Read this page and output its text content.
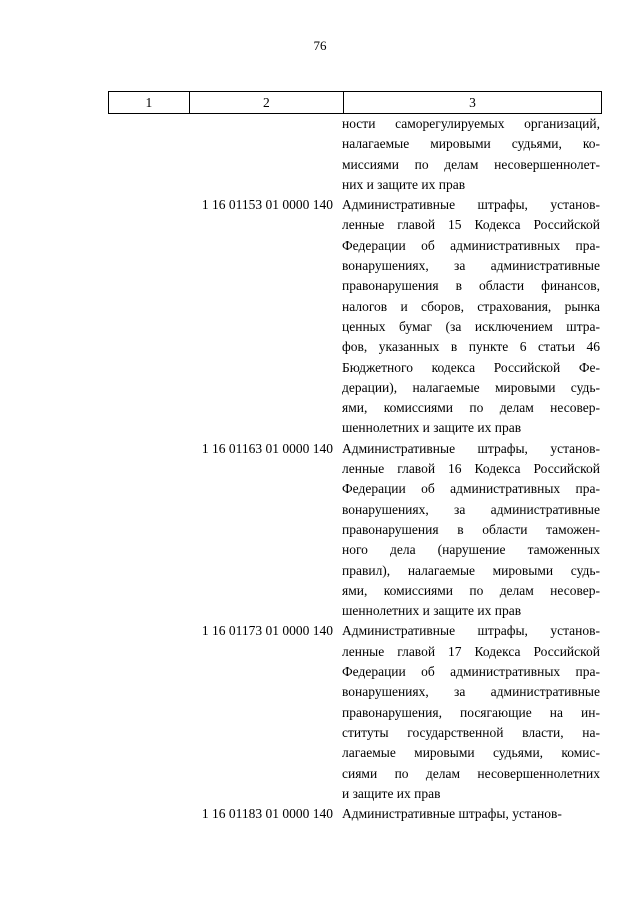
76
1	2	3
ности саморегулируемых организаций,
налагаемые мировыми судьями, ко-
миссиями по делам несовершеннолет-
них и защите их прав
1 16 01153 01 0000 140 Административные штрафы, установ-
ленные главой 15 Кодекса Российской
Федерации об административных пра-
вонарушениях, за административные
правонарушения в области финансов,
налогов и сборов, страхования, рынка
ценных бумаг (за исключением штра-
фов, указанных в пункте 6 статьи 46
Бюджетного кодекса Российской Фе-
дерации), налагаемые мировыми судь-
ями, комиссиями по делам несовер-
шеннолетних и защите их прав
1 16 01163 01 0000 140 Административные штрафы, установ-
ленные главой 16 Кодекса Российской
Федерации об административных пра-
вонарушениях, за административные
правонарушения в области таможен-
ного дела (нарушение таможенных
правил), налагаемые мировыми судь-
ями, комиссиями по делам несовер-
шеннолетних и защите их прав
1 16 01173 01 0000 140 Административные штрафы, установ-
ленные главой 17 Кодекса Российской
Федерации об административных пра-
вонарушениях, за административные
правонарушения, посягающие на ин-
ституты государственной власти, на-
лагаемые мировыми судьями, комис-
сиями по делам несовершеннолетних
и защите их прав
1 16 01183 01 0000 140 Административные штрафы, установ-
